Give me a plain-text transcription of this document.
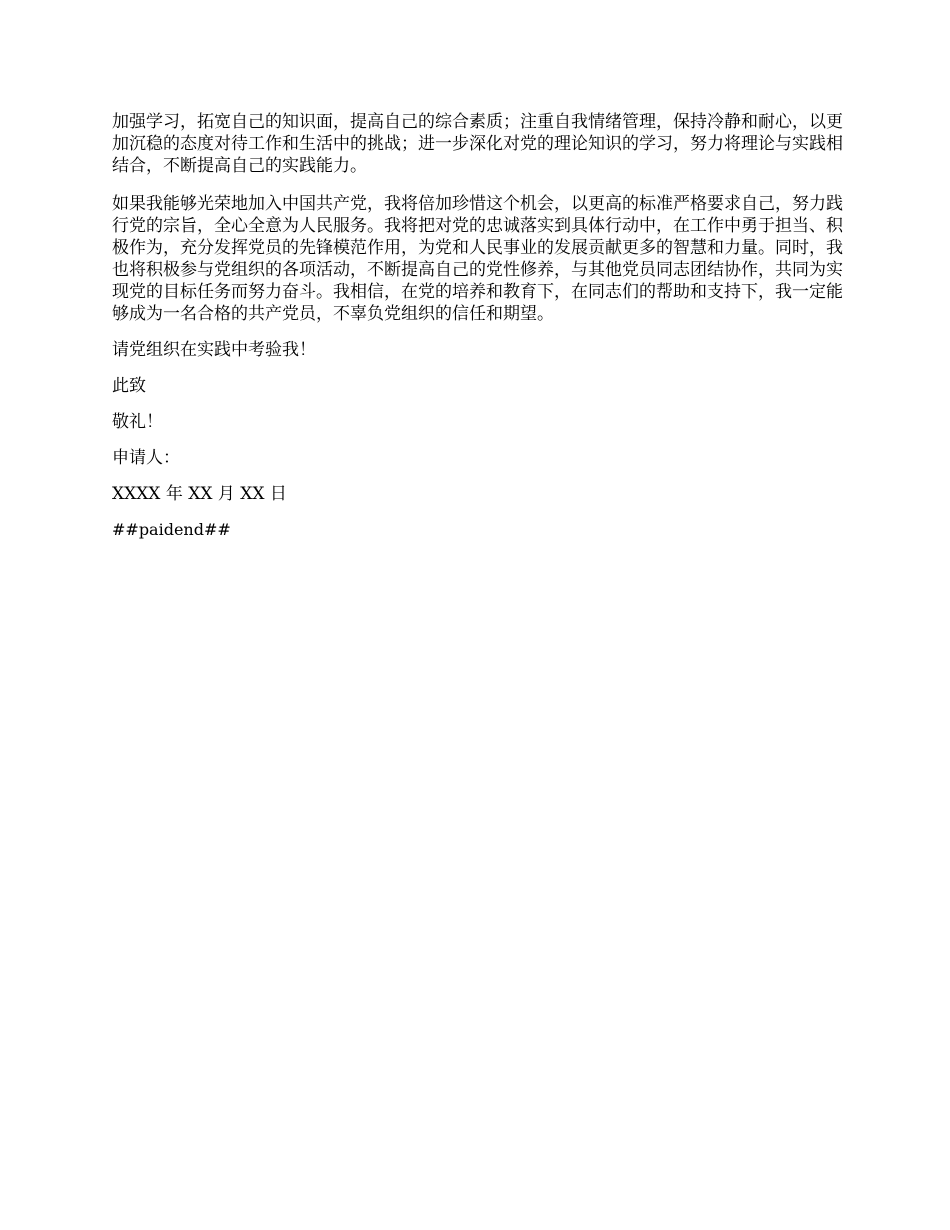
加强学习，拓宽自己的知识面，提高自己的综合素质；注重自我情绪管理，保持冷静和耐心，以更加沉稳的态度对待工作和生活中的挑战；进一步深化对党的理论知识的学习，努力将理论与实践相结合，不断提高自己的实践能力。

如果我能够光荣地加入中国共产党，我将倍加珍惜这个机会，以更高的标准严格要求自己，努力践行党的宗旨，全心全意为人民服务。我将把对党的忠诚落实到具体行动中，在工作中勇于担当、积极作为，充分发挥党员的先锋模范作用，为党和人民事业的发展贡献更多的智慧和力量。同时，我也将积极参与党组织的各项活动，不断提高自己的党性修养，与其他党员同志团结协作，共同为实现党的目标任务而努力奋斗。我相信，在党的培养和教育下，在同志们的帮助和支持下，我一定能够成为一名合格的共产党员，不辜负党组织的信任和期望。

请党组织在实践中考验我！

此致

敬礼！

申请人：

XXXX 年 XX 月 XX 日

##paidend##
